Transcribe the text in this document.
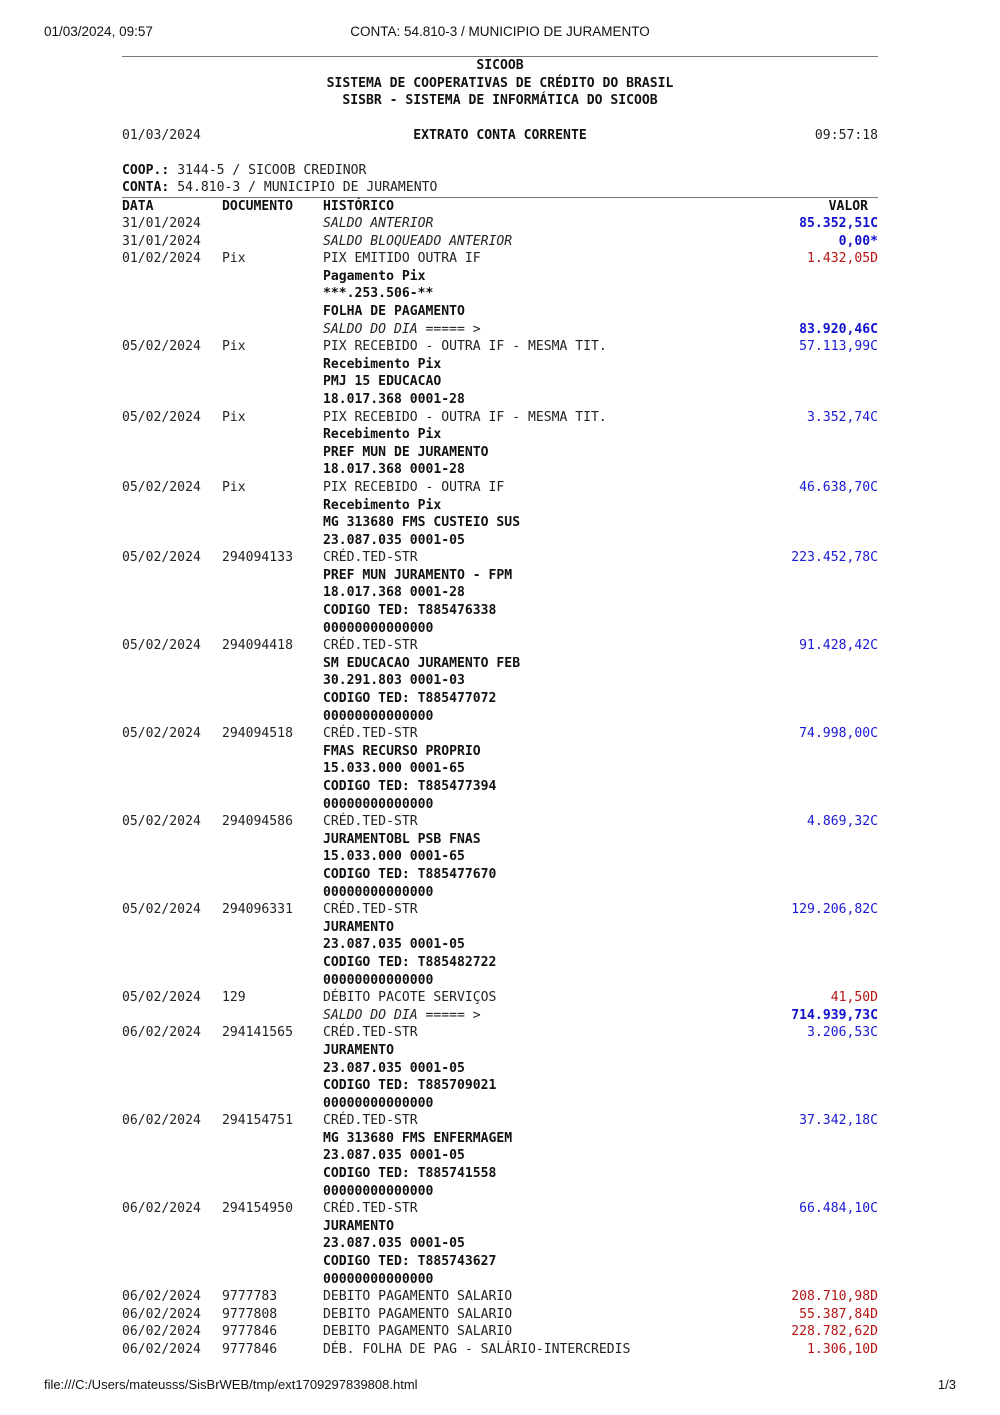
01/03/2024, 09:57	CONTA: 54.810-3 / MUNICIPIO DE JURAMENTO
SICOOB
SISTEMA DE COOPERATIVAS DE CRÉDITO DO BRASIL
SISBR - SISTEMA DE INFORMÁTICA DO SICOOB
01/03/2024	EXTRATO CONTA CORRENTE	09:57:18
COOP.: 3144-5 / SICOOB CREDINOR
CONTA: 54.810-3 / MUNICIPIO DE JURAMENTO
DATA	DOCUMENTO HISTÓRICO	VALOR
31/01/2024	SALDO ANTERIOR	85.352,51C
31/01/2024	SALDO BLOQUEADO ANTERIOR	0,00*
01/02/2024 Pix	PIX EMITIDO OUTRA IF	1.432,05D
Pagamento Pix
***.253.506-**
FOLHA DE PAGAMENTO
SALDO DO DIA ===== >	83.920,46C
05/02/2024 Pix	PIX RECEBIDO - OUTRA IF - MESMA TIT.	57.113,99C
Recebimento Pix
PMJ 15 EDUCACAO
18.017.368 0001-28
05/02/2024 Pix	PIX RECEBIDO - OUTRA IF - MESMA TIT.	3.352,74C
Recebimento Pix
PREF MUN DE JURAMENTO
18.017.368 0001-28
05/02/2024 Pix	PIX RECEBIDO - OUTRA IF	46.638,70C
Recebimento Pix
MG 313680 FMS CUSTEIO SUS
23.087.035 0001-05
05/02/2024 294094133 CRÉD.TED-STR	223.452,78C
PREF MUN JURAMENTO - FPM
18.017.368 0001-28
CODIGO TED: T885476338
00000000000000
05/02/2024 294094418 CRÉD.TED-STR	91.428,42C
SM EDUCACAO JURAMENTO FEB
30.291.803 0001-03
CODIGO TED: T885477072
00000000000000
05/02/2024 294094518 CRÉD.TED-STR	74.998,00C
FMAS RECURSO PROPRIO
15.033.000 0001-65
CODIGO TED: T885477394
00000000000000
05/02/2024 294094586 CRÉD.TED-STR	4.869,32C
JURAMENTOBL PSB FNAS
15.033.000 0001-65
CODIGO TED: T885477670
00000000000000
05/02/2024 294096331 CRÉD.TED-STR	129.206,82C
JURAMENTO
23.087.035 0001-05
CODIGO TED: T885482722
00000000000000
05/02/2024 129	DÉBITO PACOTE SERVIÇOS	41,50D
SALDO DO DIA ===== >	714.939,73C
06/02/2024 294141565 CRÉD.TED-STR	3.206,53C
JURAMENTO
23.087.035 0001-05
CODIGO TED: T885709021
00000000000000
06/02/2024 294154751 CRÉD.TED-STR	37.342,18C
MG 313680 FMS ENFERMAGEM
23.087.035 0001-05
CODIGO TED: T885741558
00000000000000
06/02/2024 294154950 CRÉD.TED-STR	66.484,10C
JURAMENTO
23.087.035 0001-05
CODIGO TED: T885743627
00000000000000
06/02/2024 9777783	DEBITO PAGAMENTO SALARIO	208.710,98D
06/02/2024 9777808	DEBITO PAGAMENTO SALARIO	55.387,84D
06/02/2024 9777846	DEBITO PAGAMENTO SALARIO	228.782,62D
06/02/2024 9777846	DÉB. FOLHA DE PAG - SALÁRIO-INTERCREDIS	1.306,10D
file:///C:/Users/mateusss/SisBrWEB/tmp/ext1709297839808.html	1/3
